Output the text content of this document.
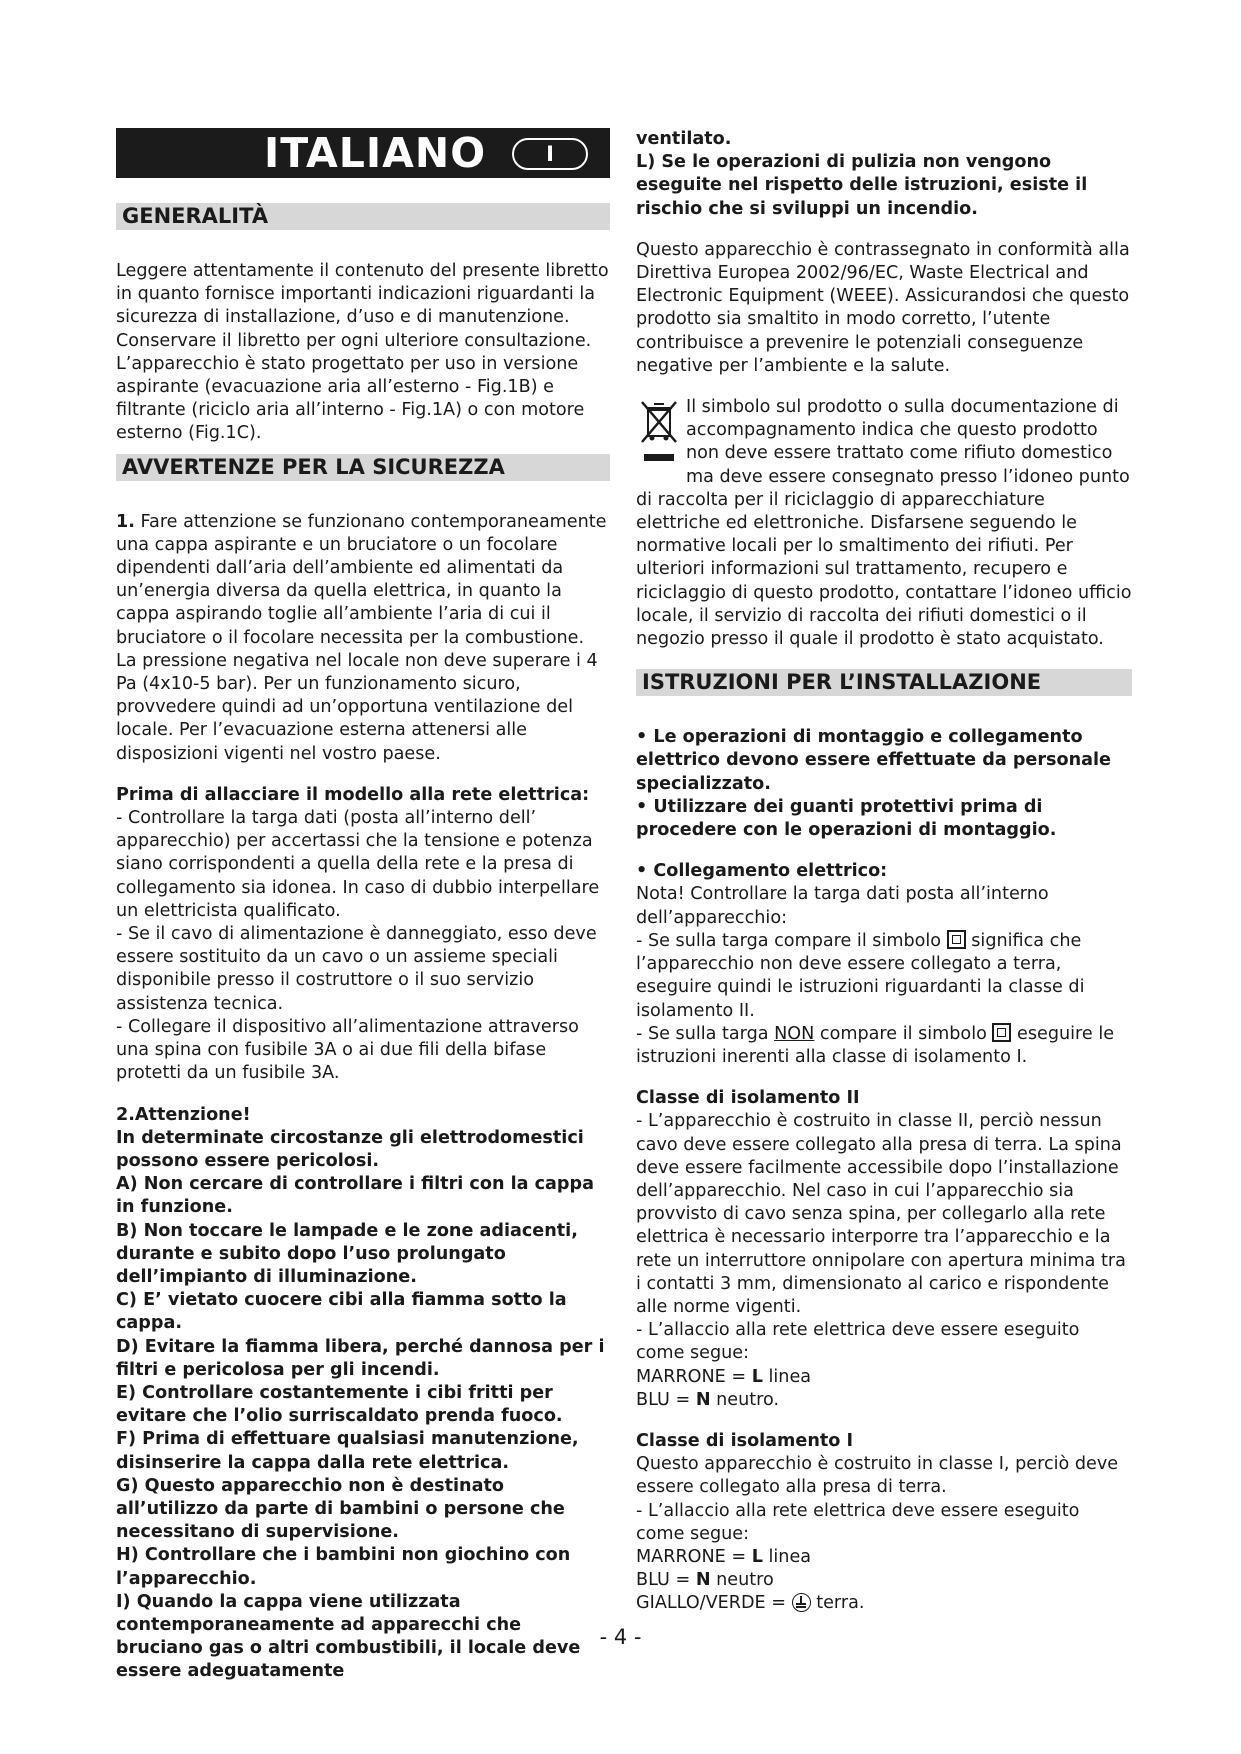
ITALIANO	I
GENERALITÀ

Leggere attentamente il contenuto del presente libretto in quanto fornisce importanti indicazioni riguardanti la sicurezza di installazione, d’uso e di manutenzione. Conservare il libretto per ogni ulteriore consultazione. L’apparecchio è stato progettato per uso in versione aspirante (evacuazione aria all’esterno - Fig.1B) e filtrante (riciclo aria all’interno - Fig.1A) o con motore esterno (Fig.1C).

AVVERTENZE PER LA SICUREZZA

1. Fare attenzione se funzionano contemporaneamente una cappa aspirante e un bruciatore o un focolare dipendenti dall’aria dell’ambiente ed alimentati da un’energia diversa da quella elettrica, in quanto la cappa aspirando toglie all’ambiente l’aria di cui il bruciatore o il focolare necessita per la combustione. La pressione negativa nel locale non deve superare i 4 Pa (4x10-5 bar). Per un funzionamento sicuro, provvedere quindi ad un’opportuna ventilazione del locale. Per l’evacuazione esterna attenersi alle disposizioni vigenti nel vostro paese.

Prima di allacciare il modello alla rete elettrica:

- Controllare la targa dati (posta all’interno dell’ apparecchio) per accertassi che la tensione e potenza siano corrispondenti a quella della rete e la presa di collegamento sia idonea. In caso di dubbio interpellare un elettricista qualificato.

- Se il cavo di alimentazione è danneggiato, esso deve essere sostituito da un cavo o un assieme speciali disponibile presso il costruttore o il suo servizio assistenza tecnica.

- Collegare il dispositivo all’alimentazione attraverso una spina con fusibile 3A o ai due fili della bifase protetti da un fusibile 3A.

2.Attenzione!

In determinate circostanze gli elettrodomestici possono essere pericolosi.

A) Non cercare di controllare i filtri con la cappa in funzione.

B) Non toccare le lampade e le zone adiacenti, durante e subito dopo l’uso prolungato dell’impianto di illuminazione.

C) E’ vietato cuocere cibi alla fiamma sotto la cappa.

D) Evitare la fiamma libera, perché dannosa per i filtri e pericolosa per gli incendi.

E) Controllare costantemente i cibi fritti per evitare che l’olio surriscaldato prenda fuoco.

F) Prima di effettuare qualsiasi manutenzione, disinserire la cappa dalla rete elettrica.

G) Questo apparecchio non è destinato all’utilizzo da parte di bambini o persone che necessitano di supervisione.

H) Controllare che i bambini non giochino con l’apparecchio.

I) Quando la cappa viene utilizzata contemporaneamente ad apparecchi che bruciano gas o altri combustibili, il locale deve essere adeguatamente

ventilato.

L) Se le operazioni di pulizia non vengono eseguite nel rispetto delle istruzioni, esiste il rischio che si sviluppi un incendio.

Questo apparecchio è contrassegnato in conformità alla Direttiva Europea 2002/96/EC, Waste Electrical and Electronic Equipment (WEEE). Assicurandosi che questo prodotto sia smaltito in modo corretto, l’utente contribuisce a prevenire le potenziali conseguenze negative per l’ambiente e la salute.

Il simbolo sul prodotto o sulla documentazione di accompagnamento indica che questo prodotto non deve essere trattato come rifiuto domestico ma deve essere consegnato presso l’idoneo punto di raccolta per il riciclaggio di apparecchiature elettriche ed elettroniche. Disfarsene seguendo le normative locali per lo smaltimento dei rifiuti. Per ulteriori informazioni sul trattamento, recupero e riciclaggio di questo prodotto, contattare l’idoneo ufficio locale, il servizio di raccolta dei rifiuti domestici o il negozio presso il quale il prodotto è stato acquistato.

ISTRUZIONI PER L’INSTALLAZIONE

• Le operazioni di montaggio e collegamento elettrico devono essere effettuate da personale specializzato.

• Utilizzare dei guanti protettivi prima di procedere con le operazioni di montaggio.

• Collegamento elettrico:

Nota! Controllare la targa dati posta all’interno dell’apparecchio:

- Se sulla targa compare il simbolo significa che l’apparecchio non deve essere collegato a terra, eseguire quindi le istruzioni riguardanti la classe di isolamento II.

- Se sulla targa NON compare il simbolo eseguire le istruzioni inerenti alla classe di isolamento I.

Classe di isolamento II

- L’apparecchio è costruito in classe II, perciò nessun cavo deve essere collegato alla presa di terra. La spina deve essere facilmente accessibile dopo l’installazione dell’apparecchio. Nel caso in cui l’apparecchio sia provvisto di cavo senza spina, per collegarlo alla rete elettrica è necessario interporre tra l’apparecchio e la rete un interruttore onnipolare con apertura minima tra i contatti 3 mm, dimensionato al carico e rispondente alle norme vigenti.

- L’allaccio alla rete elettrica deve essere eseguito come segue:

MARRONE = L linea

BLU = N neutro.

Classe di isolamento I

Questo apparecchio è costruito in classe I, perciò deve essere collegato alla presa di terra.

- L’allaccio alla rete elettrica deve essere eseguito come segue:

MARRONE = L linea

BLU = N neutro

GIALLO/VERDE = terra.

- 4 -
